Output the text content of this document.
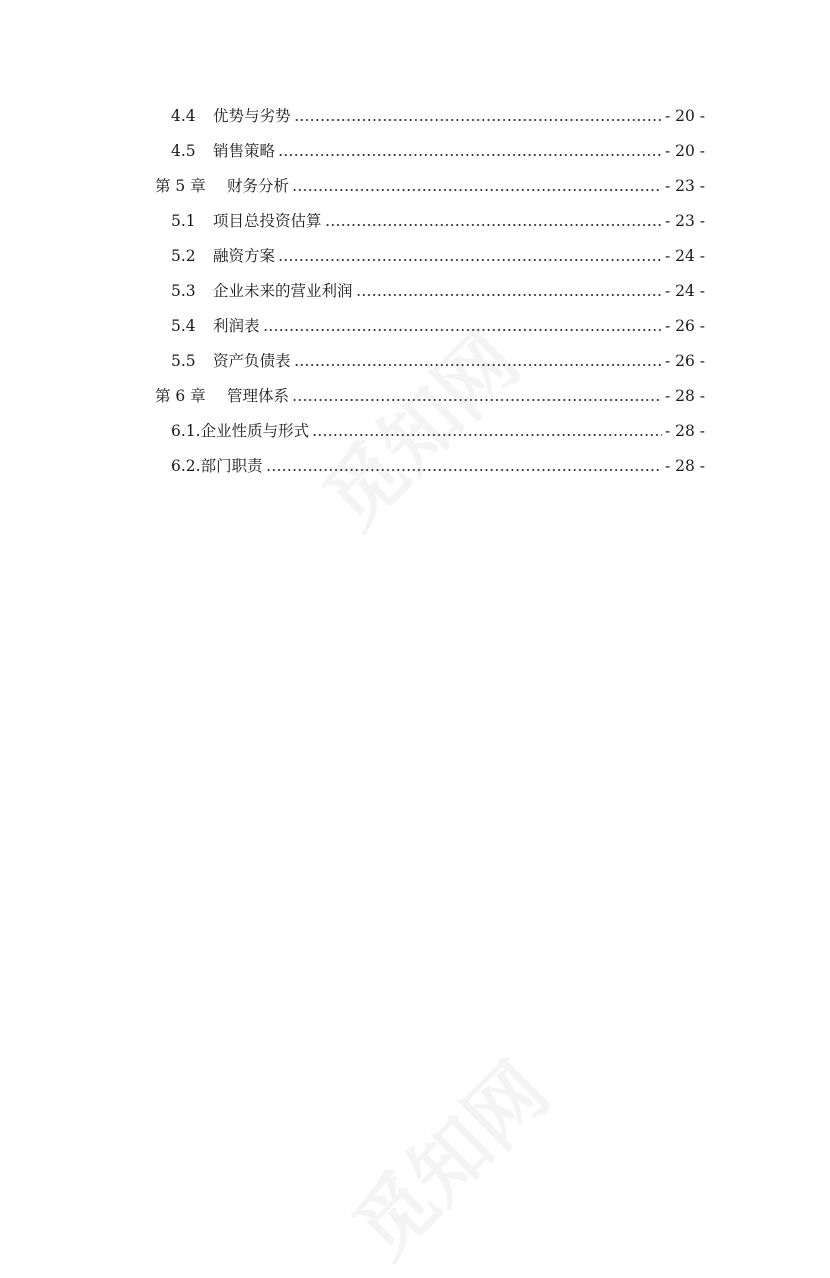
觅知网
觅知网
4.4	优势与劣势	- 20 -
4.5	销售策略	- 20 -
第 5 章	财务分析	- 23 -
5.1	项目总投资估算	- 23 -
5.2	融资方案	- 24 -
5.3	企业未来的营业利润	- 24 -
5.4	利润表	- 26 -
5.5	资产负债表	- 26 -
第 6 章	管理体系	- 28 -
6.1. 企业性质与形式	- 28 -
6.2. 部门职责	- 28 -
